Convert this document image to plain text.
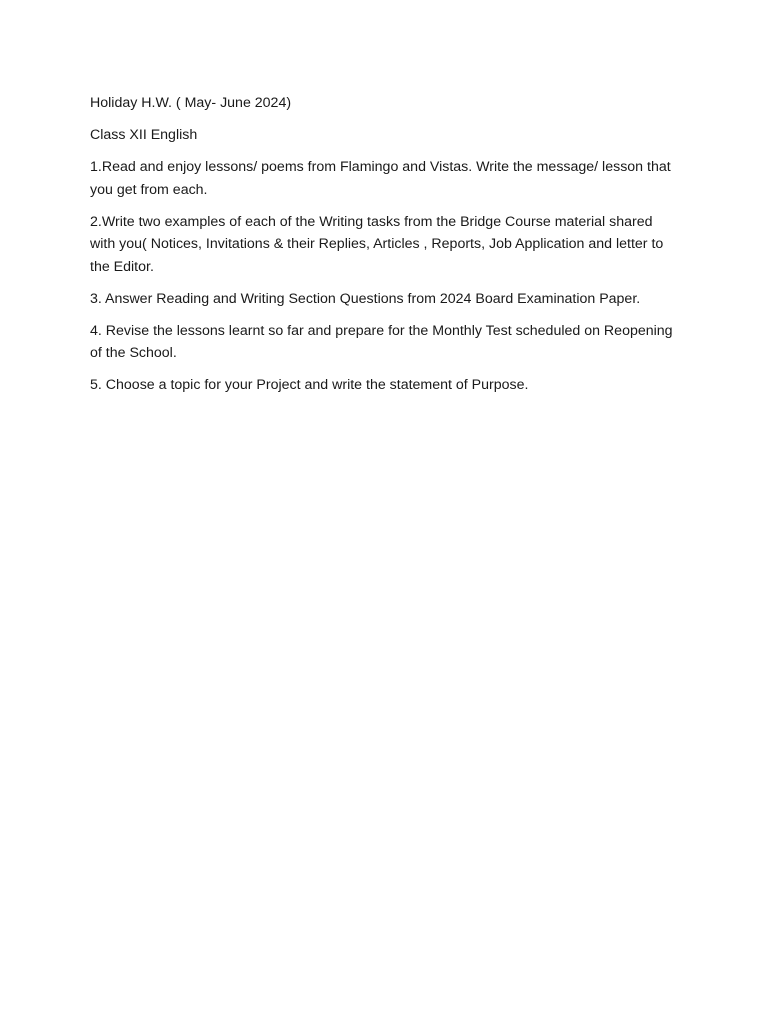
Holiday H.W. ( May- June 2024)

Class XII English

1.Read and enjoy lessons/ poems from Flamingo and Vistas. Write the message/ lesson that you get from each.

2.Write two examples of each of the Writing tasks from the Bridge Course material shared with you( Notices, Invitations & their Replies, Articles , Reports, Job Application and letter to the Editor.

3. Answer Reading and Writing Section Questions from 2024 Board Examination Paper.

4. Revise the lessons learnt so far and prepare for the Monthly Test scheduled on Reopening of the School.

5. Choose a topic for your Project and write the statement of Purpose.
